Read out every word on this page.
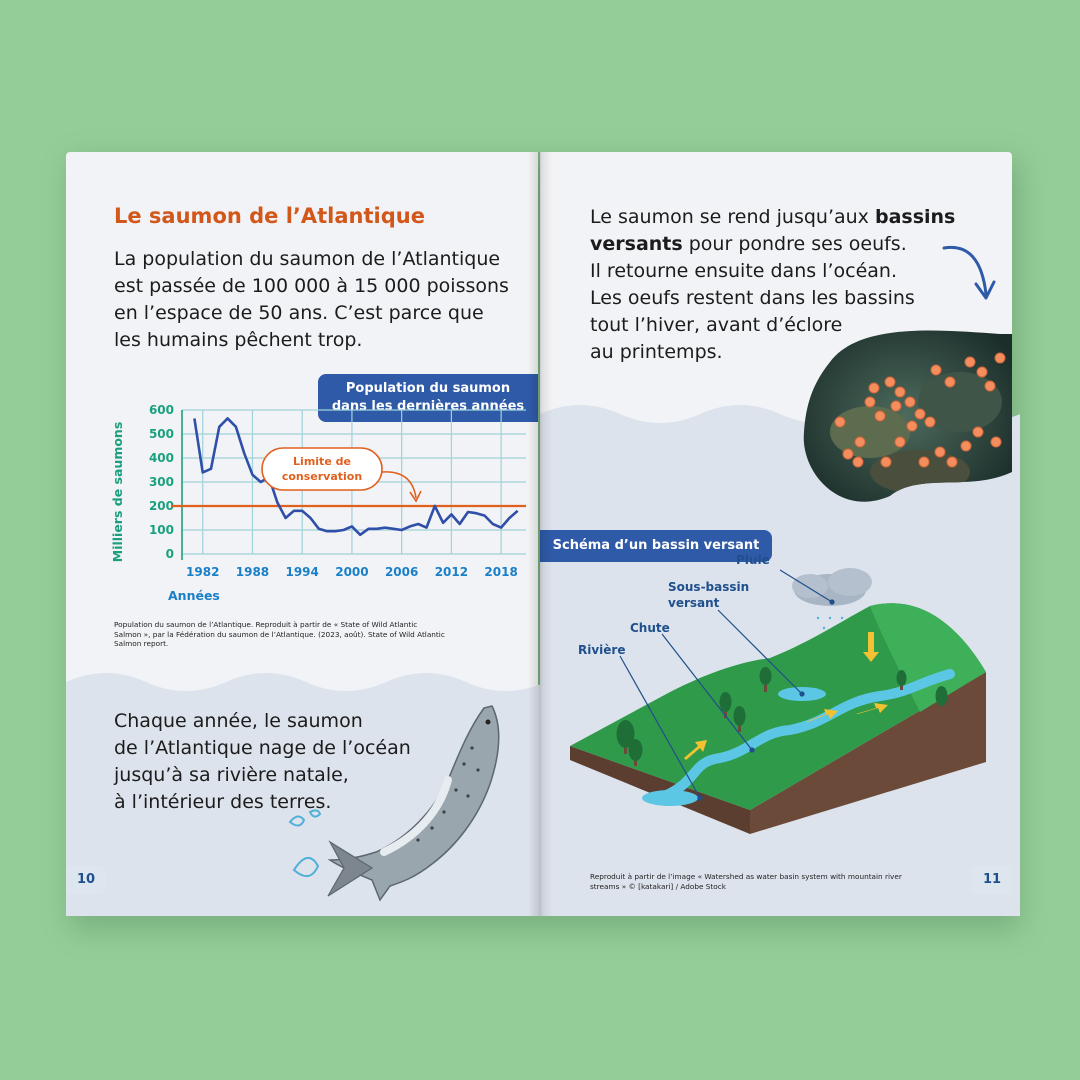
Le saumon de l’Atlantique
La population du saumon de l’Atlantique
est passée de 100 000 à 15 000 poissons
en l’espace de 50 ans. C’est parce que
les humains pêchent trop.
Population du saumon
dans les dernières années
0
100
200
300
400
500
600
1982 1988 1994 2000 2006 2012 2018
Limite de
conservation
Milliers de saumons
Années
Population du saumon de l’Atlantique. Reproduit à partir de « State of Wild Atlantic
Salmon », par la Fédération du saumon de l’Atlantique. (2023, août). State of Wild Atlantic
Salmon report.
Chaque année, le saumon
de l’Atlantique nage de l’océan
jusqu’à sa rivière natale,
à l’intérieur des terres.
10
Le saumon se rend jusqu’aux bassins
versants pour pondre ses oeufs.
Il retourne ensuite dans l’océan.
Les oeufs restent dans les bassins
tout l’hiver, avant d’éclore
au printemps.
Schéma d’un bassin versant
Pluie
Sous-bassin
versant
Chute
Rivière
Reproduit à partir de l’image « Watershed as water basin system with mountain river
streams » © [katakari] / Adobe Stock	11
